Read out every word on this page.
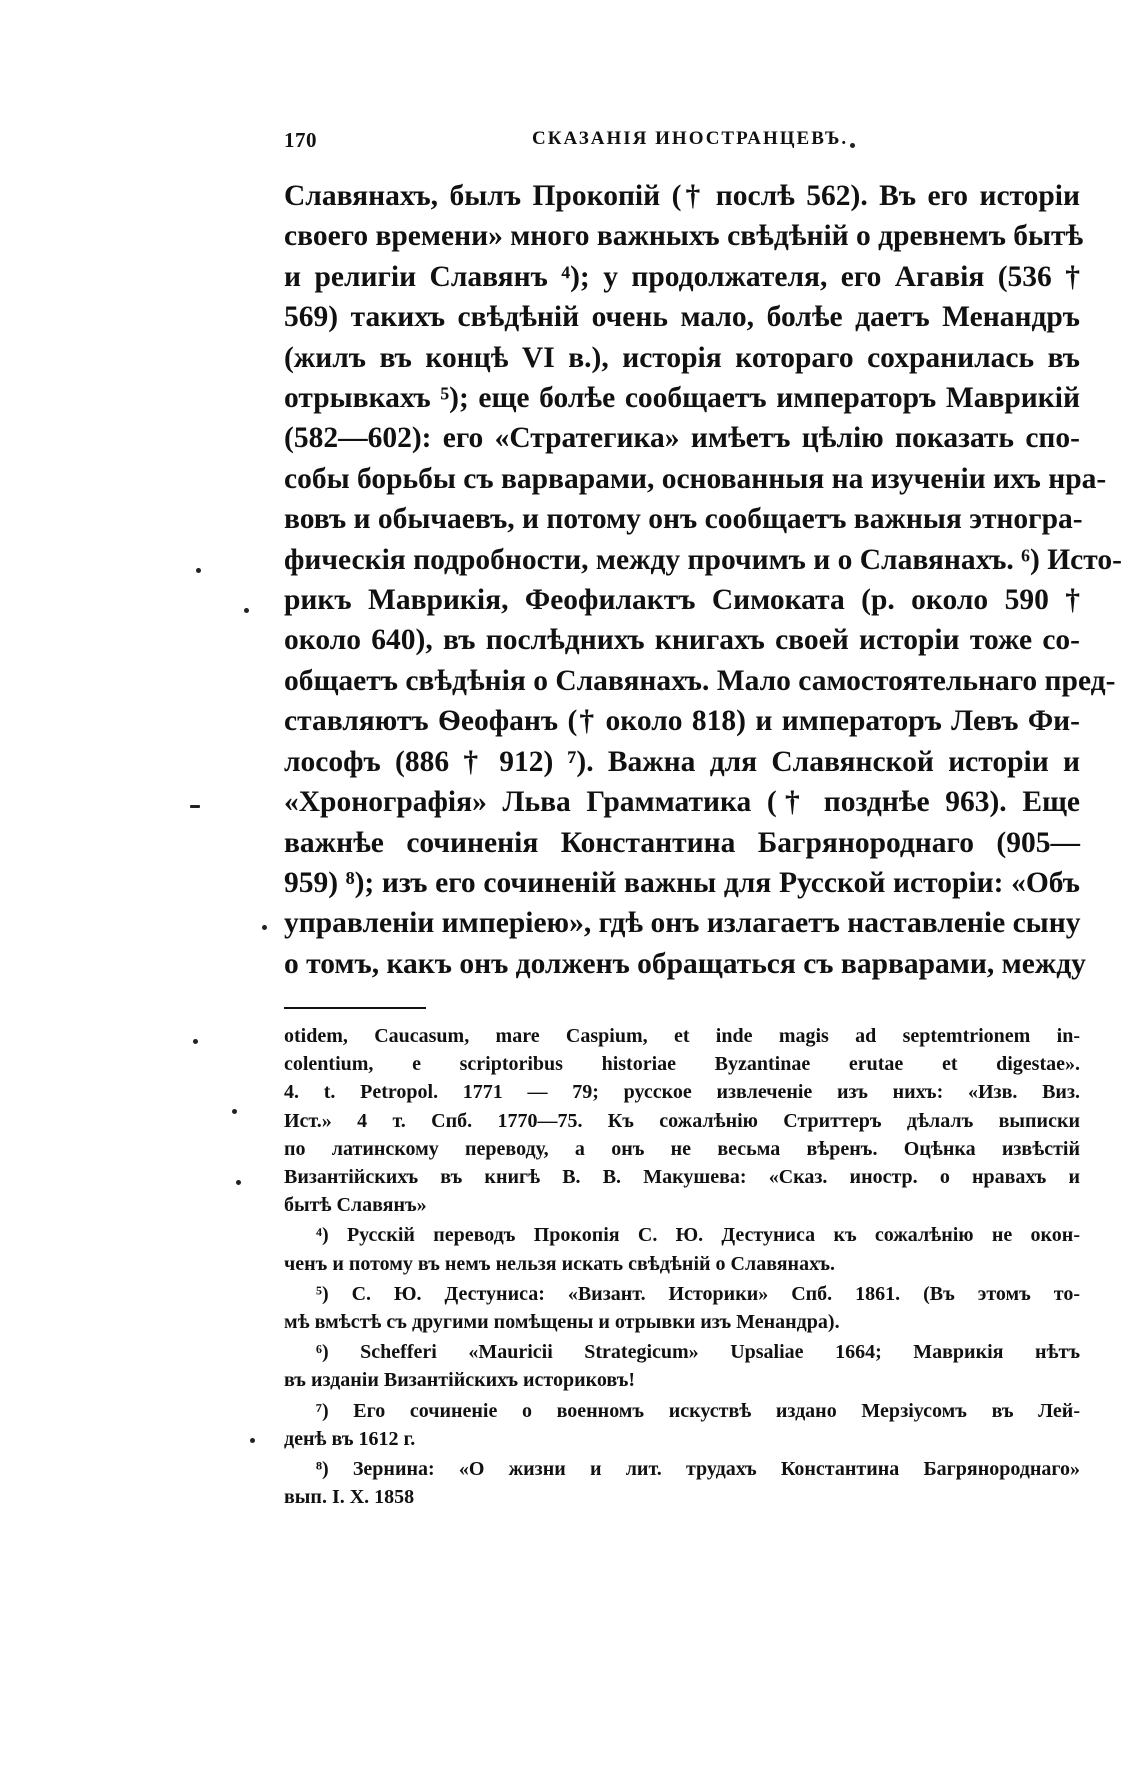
170	СКАЗАНІЯ ИНОСТРАНЦЕВЪ.

Славянахъ, былъ Прокопій († послѣ 562). Въ его исторіи
своего времени» много важныхъ свѣдѣній о древнемъ бытѣ
и религіи Славянъ ⁴); у продолжателя, его Агавія (536 †
569) такихъ свѣдѣній очень мало, болѣе даетъ Менандръ
(жилъ въ концѣ VI в.), исторія котораго сохранилась въ
отрывкахъ ⁵); еще болѣе сообщаетъ императоръ Маврикій
(582—602): его «Стратегика» имѣетъ цѣлію показать спо-
собы борьбы съ варварами, основанныя на изученіи ихъ нра-
вовъ и обычаевъ, и потому онъ сообщаетъ важныя этногра-
фическія подробности, между прочимъ и о Славянахъ. ⁶) Исто-
рикъ Маврикія, Феофилактъ Симоката (р. около 590 †
около 640), въ послѣднихъ книгахъ своей исторіи тоже со-
общаетъ свѣдѣнія о Славянахъ. Мало самостоятельнаго пред-
ставляютъ Ѳеофанъ († около 818) и императоръ Левъ Фи-
лософъ (886 † 912) ⁷). Важна для Славянской исторіи и
«Хронографія» Льва Грамматика († позднѣе 963). Еще
важнѣе сочиненія Константина Багрянороднаго (905—
959) ⁸); изъ его сочиненій важны для Русской исторіи: «Объ
управленіи имперіею», гдѣ онъ излагаетъ наставленіе сыну
о томъ, какъ онъ долженъ обращаться съ варварами, между

otidem, Caucasum, mare Caspium, et inde magis ad septemtrionem in-
colentium, e scriptoribus historiae Byzantinae erutae et digestae».
4. t. Petropol. 1771 — 79; русское извлеченіе изъ нихъ: «Изв. Виз.
Ист.» 4 т. Спб. 1770—75. Къ сожалѣнію Стриттеръ дѣлалъ выписки
по латинскому переводу, а онъ не весьма вѣренъ. Оцѣнка извѣстій
Византійскихъ въ книгѣ В. В. Макушева: «Сказ. иностр. о нравахъ и
бытѣ Славянъ»
⁴) Русскій переводъ Прокопія С. Ю. Дестуниса къ сожалѣнію не окон-
ченъ и потому въ немъ нельзя искать свѣдѣній о Славянахъ.
⁵) С. Ю. Дестуниса: «Визант. Историки» Спб. 1861. (Въ этомъ то-
мѣ вмѣстѣ съ другими помѣщены и отрывки изъ Менандра).
⁶) Schefferi «Mauricii Strategicum» Upsaliae 1664; Маврикія нѣтъ
въ изданіи Византійскихъ историковъ!
⁷) Его сочиненіе о военномъ искуствѣ издано Мерзіусомъ въ Лей-
денѣ въ 1612 г.
⁸) Зернина: «О жизни и лит. трудахъ Константина Багрянороднаго»
вып. I. X. 1858
